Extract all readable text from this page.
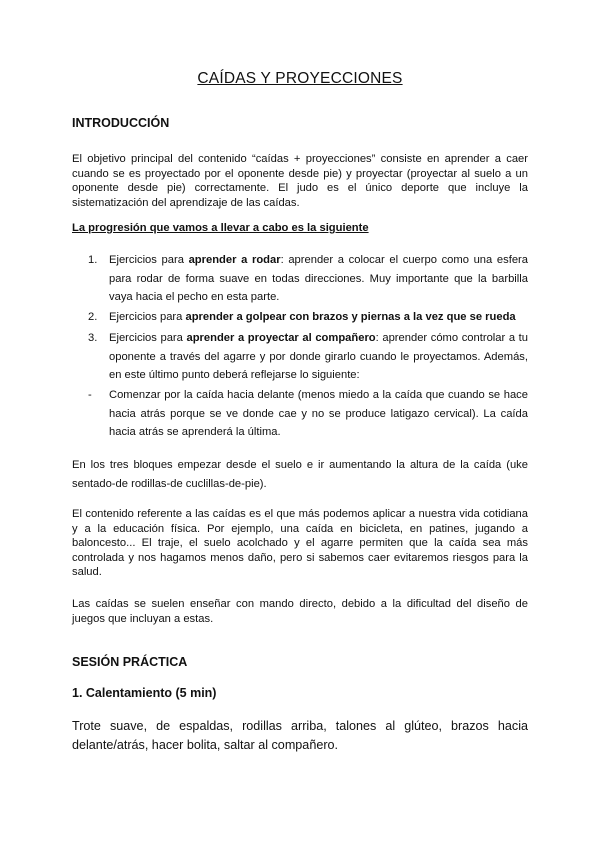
CAÍDAS Y PROYECCIONES
INTRODUCCIÓN
El objetivo principal del contenido “caídas + proyecciones” consiste en aprender a caer cuando se es proyectado por el oponente desde pie) y proyectar (proyectar al suelo a un oponente desde pie) correctamente. El judo es el único deporte que incluye la sistematización del aprendizaje de las caídas.
La progresión que vamos a llevar a cabo es la siguiente
1. Ejercicios para aprender a rodar: aprender a colocar el cuerpo como una esfera para rodar de forma suave en todas direcciones. Muy importante que la barbilla vaya hacia el pecho en esta parte.
2. Ejercicios para aprender a golpear con brazos y piernas a la vez que se rueda
3. Ejercicios para aprender a proyectar al compañero: aprender cómo controlar a tu oponente a través del agarre y por donde girarlo cuando le proyectamos. Además, en este último punto deberá reflejarse lo siguiente:
- Comenzar por la caída hacia delante (menos miedo a la caída que cuando se hace hacia atrás porque se ve donde cae y no se produce latigazo cervical). La caída hacia atrás se aprenderá la última.
En los tres bloques empezar desde el suelo e ir aumentando la altura de la caída (uke sentado-de rodillas-de cuclillas-de-pie).
El contenido referente a las caídas es el que más podemos aplicar a nuestra vida cotidiana y a la educación física. Por ejemplo, una caída en bicicleta, en patines, jugando a baloncesto... El traje, el suelo acolchado y el agarre permiten que la caída sea más controlada y nos hagamos menos daño, pero si sabemos caer evitaremos riesgos para la salud.
Las caídas se suelen enseñar con mando directo, debido a la dificultad del diseño de juegos que incluyan a estas.
SESIÓN PRÁCTICA
1. Calentamiento (5 min)
Trote suave, de espaldas, rodillas arriba, talones al glúteo, brazos hacia delante/atrás, hacer bolita, saltar al compañero.
